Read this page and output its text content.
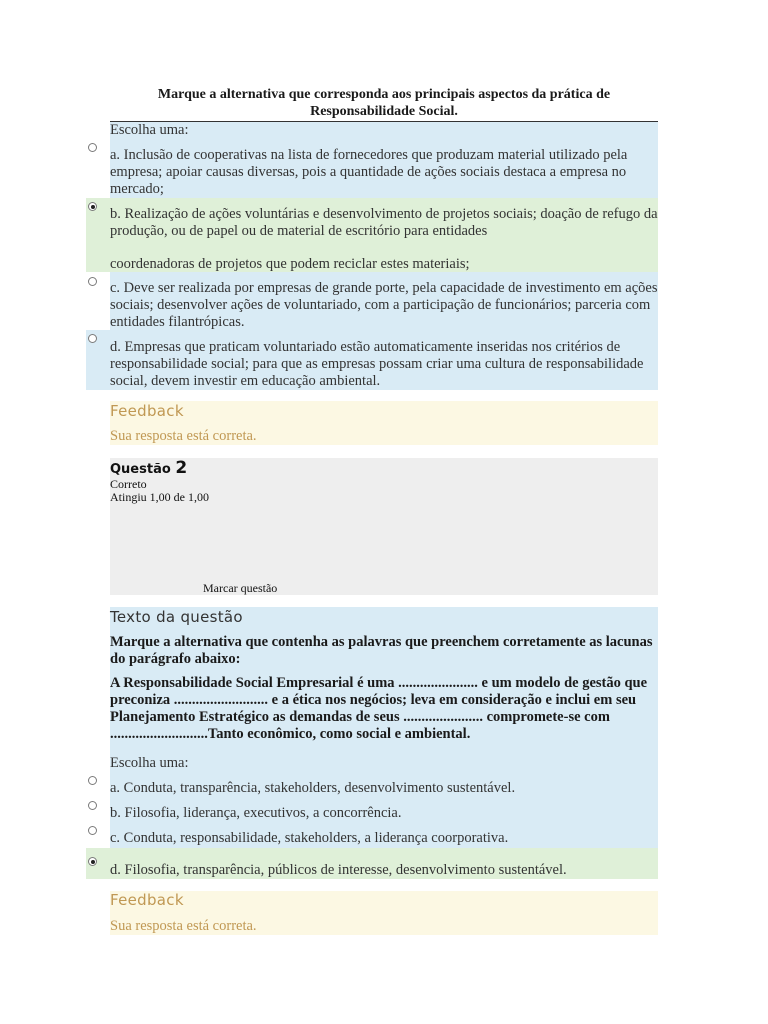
Marque a alternativa que corresponda aos principais aspectos da prática de Responsabilidade Social.
Escolha uma:
a. Inclusão de cooperativas na lista de fornecedores que produzam material utilizado pela empresa; apoiar causas diversas, pois a quantidade de ações sociais destaca a empresa no mercado;
b. Realização de ações voluntárias e desenvolvimento de projetos sociais; doação de refugo da produção, ou de papel ou de material de escritório para entidades
coordenadoras de projetos que podem reciclar estes materiais;
c. Deve ser realizada por empresas de grande porte, pela capacidade de investimento em ações sociais; desenvolver ações de voluntariado, com a participação de funcionários; parceria com entidades filantrópicas.
d. Empresas que praticam voluntariado estão automaticamente inseridas nos critérios de responsabilidade social; para que as empresas possam criar uma cultura de responsabilidade social, devem investir em educação ambiental.
Feedback
Sua resposta está correta.
Questão 2
Correto
Atingiu 1,00 de 1,00
Marcar questão
Texto da questão
Marque a alternativa que contenha as palavras que preenchem corretamente as lacunas do parágrafo abaixo:
A Responsabilidade Social Empresarial é uma ...................... e um modelo de gestão que preconiza .......................... e a ética nos negócios; leva em consideração e inclui em seu Planejamento Estratégico as demandas de seus ...................... compromete-se com ...........................Tanto econômico, como social e ambiental.
Escolha uma:
a. Conduta, transparência, stakeholders, desenvolvimento sustentável.
b. Filosofia, liderança, executivos, a concorrência.
c. Conduta, responsabilidade, stakeholders, a liderança coorporativa.
d. Filosofia, transparência, públicos de interesse, desenvolvimento sustentável.
Feedback
Sua resposta está correta.
